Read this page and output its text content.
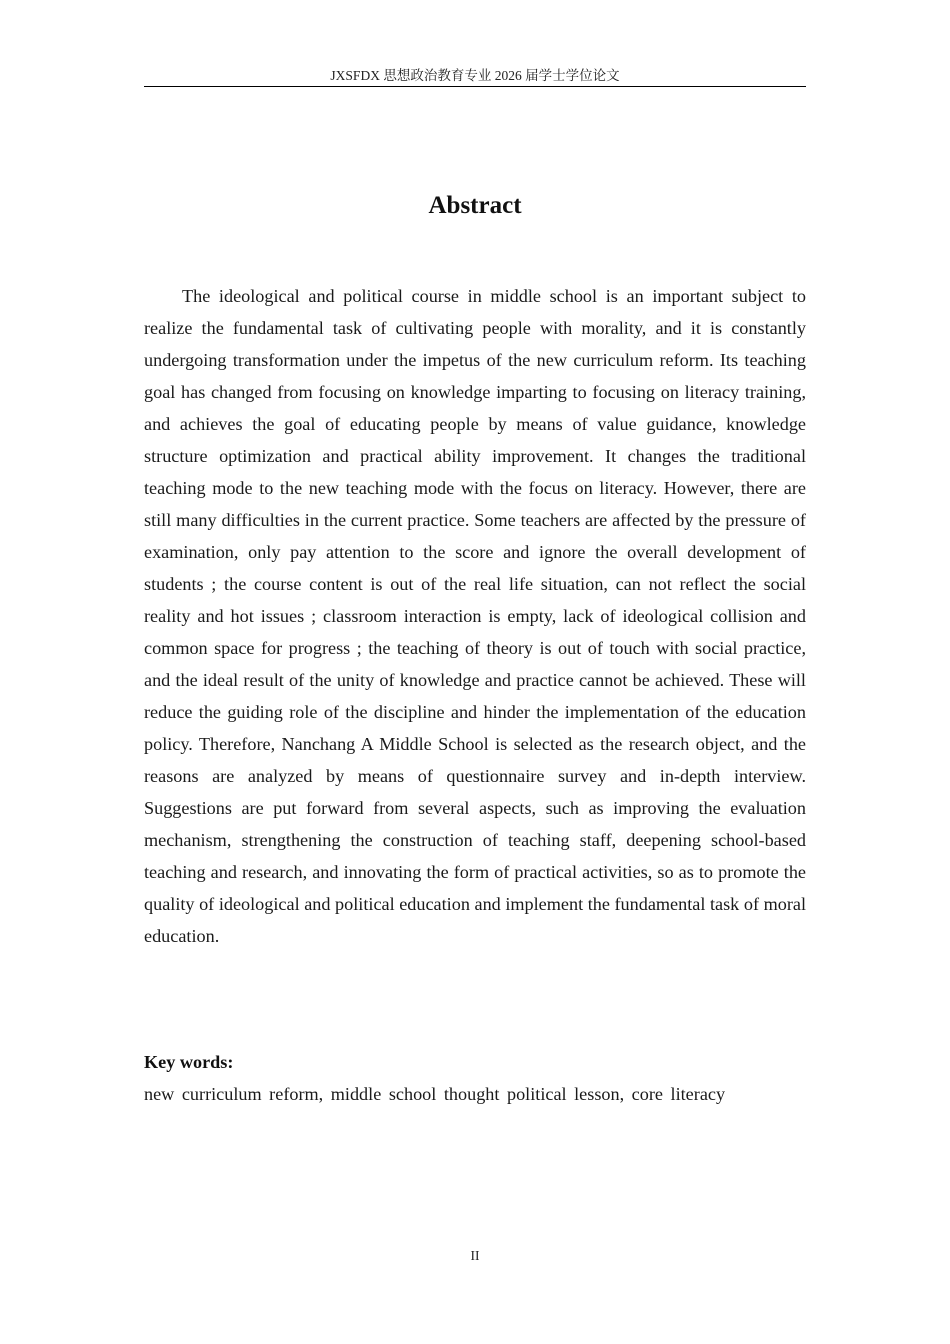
JXSFDX 思想政治教育专业 2026 届学士学位论文
Abstract

The ideological and political course in middle school is an important subject to realize the fundamental task of cultivating people with morality, and it is constantly undergoing transformation under the impetus of the new curriculum reform. Its teaching goal has changed from focusing on knowledge imparting to focusing on literacy training, and achieves the goal of educating people by means of value guidance, knowledge structure optimization and practical ability improvement. It changes the traditional teaching mode to the new teaching mode with the focus on literacy. However, there are still many difficulties in the current practice. Some teachers are affected by the pressure of examination, only pay attention to the score and ignore the overall development of students ; the course content is out of the real life situation, can not reflect the social reality and hot issues ; classroom interaction is empty, lack of ideological collision and common space for progress ; the teaching of theory is out of touch with social practice, and the ideal result of the unity of knowledge and practice cannot be achieved. These will reduce the guiding role of the discipline and hinder the implementation of the education policy. Therefore, Nanchang A Middle School is selected as the research object, and the reasons are analyzed by means of questionnaire survey and in-depth interview. Suggestions are put forward from several aspects, such as improving the evaluation mechanism, strengthening the construction of teaching staff, deepening school-based teaching and research, and innovating the form of practical activities, so as to promote the quality of ideological and political education and implement the fundamental task of moral education.

Key words:
new curriculum reform, middle school thought political lesson, core literacy
II
